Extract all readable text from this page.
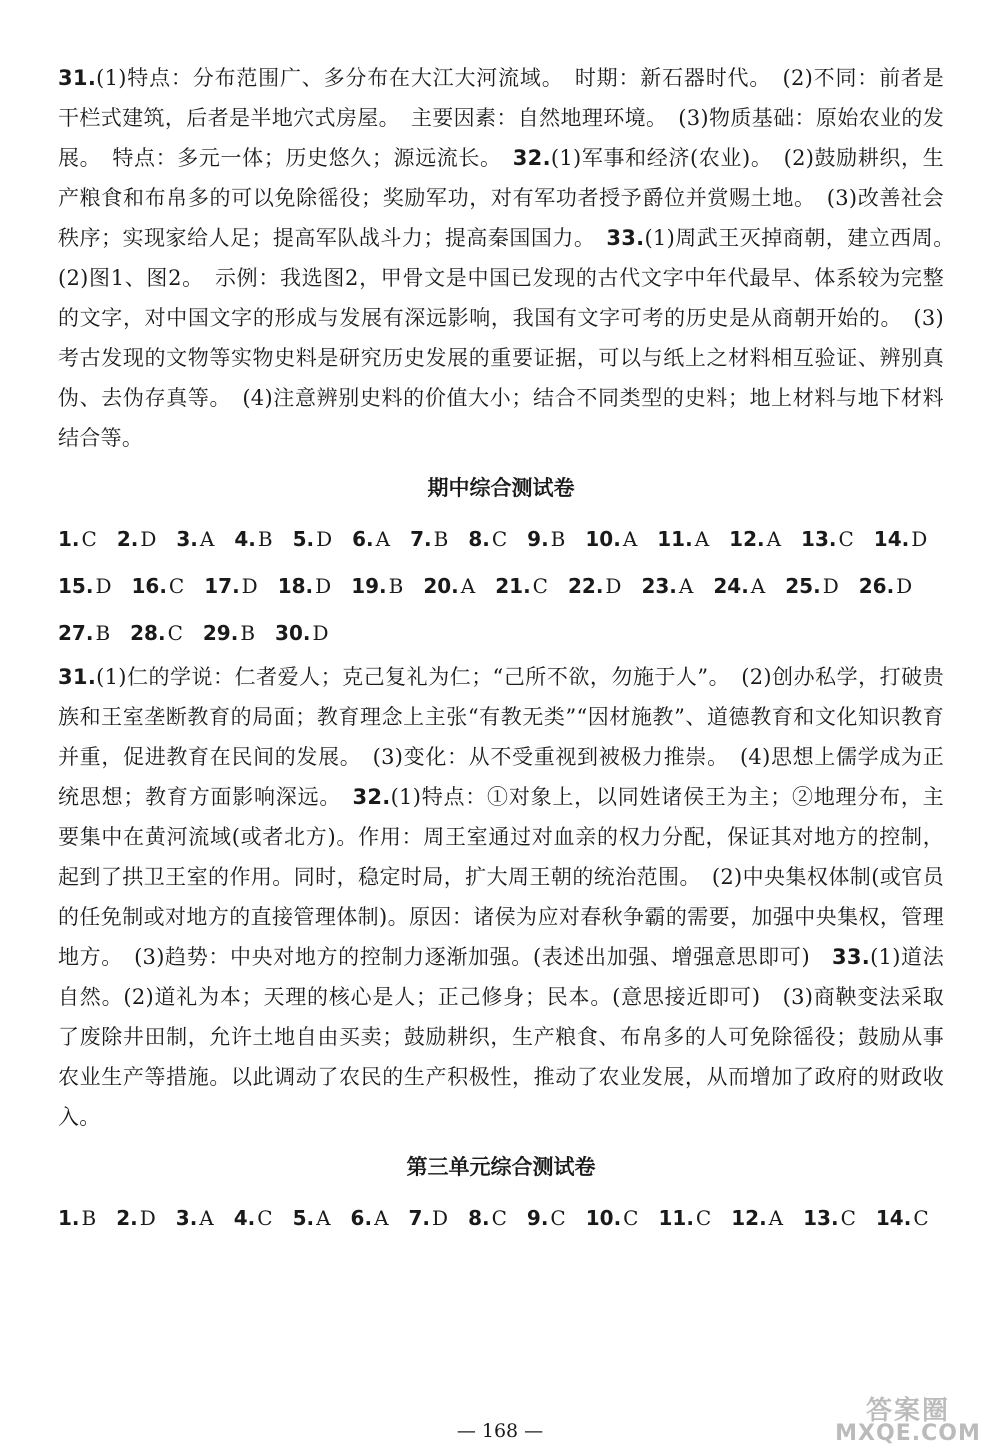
31.(1)特点：分布范围广、多分布在大江大河流域。　时期：新石器时代。　(2)不同：前者是干栏式建筑，后者是半地穴式房屋。　主要因素：自然地理环境。　(3)物质基础：原始农业的发展。　特点：多元一体；历史悠久；源远流长。　32.(1)军事和经济(农业)。　(2)鼓励耕织，生产粮食和布帛多的可以免除徭役；奖励军功，对有军功者授予爵位并赏赐土地。　(3)改善社会秩序；实现家给人足；提高军队战斗力；提高秦国国力。　33.(1)周武王灭掉商朝，建立西周。　(2)图1、图2。　示例：我选图2，甲骨文是中国已发现的古代文字中年代最早、体系较为完整的文字，对中国文字的形成与发展有深远影响，我国有文字可考的历史是从商朝开始的。　(3)考古发现的文物等实物史料是研究历史发展的重要证据，可以与纸上之材料相互验证、辨别真伪、去伪存真等。　(4)注意辨别史料的价值大小；结合不同类型的史料；地上材料与地下材料结合等。

期中综合测试卷
1. C 2. D 3. A 4. B 5. D 6. A 7. B 8. C 9. B 10. A 11. A 12. A 13. C 14. D
15. D 16. C 17. D 18. D 19. B 20. A 21. C 22. D 23. A 24. A 25. D 26. D
27. B 28. C 29. B 30. D

31.(1)仁的学说：仁者爱人；克己复礼为仁；“己所不欲，勿施于人”。　(2)创办私学，打破贵族和王室垄断教育的局面；教育理念上主张“有教无类”“因材施教”、道德教育和文化知识教育并重，促进教育在民间的发展。　(3)变化：从不受重视到被极力推崇。　(4)思想上儒学成为正统思想；教育方面影响深远。　32.(1)特点：①对象上，以同姓诸侯王为主；②地理分布，主要集中在黄河流域(或者北方)。作用：周王室通过对血亲的权力分配，保证其对地方的控制，起到了拱卫王室的作用。同时，稳定时局，扩大周王朝的统治范围。　(2)中央集权体制(或官员的任免制或对地方的直接管理体制)。原因：诸侯为应对春秋争霸的需要，加强中央集权，管理地方。　(3)趋势：中央对地方的控制力逐渐加强。(表述出加强、增强意思即可)　33.(1)道法自然。(2)道礼为本；天理的核心是人；正己修身；民本。(意思接近即可)　(3)商鞅变法采取了废除井田制，允许土地自由买卖；鼓励耕织，生产粮食、布帛多的人可免除徭役；鼓励从事农业生产等措施。以此调动了农民的生产积极性，推动了农业发展，从而增加了政府的财政收入。

第三单元综合测试卷
1. B 2. D 3. A 4. C 5. A 6. A 7. D 8. C 9. C 10. C 11. C 12. A 13. C 14. C
— 168 —
答案圈
MXQE.COM
